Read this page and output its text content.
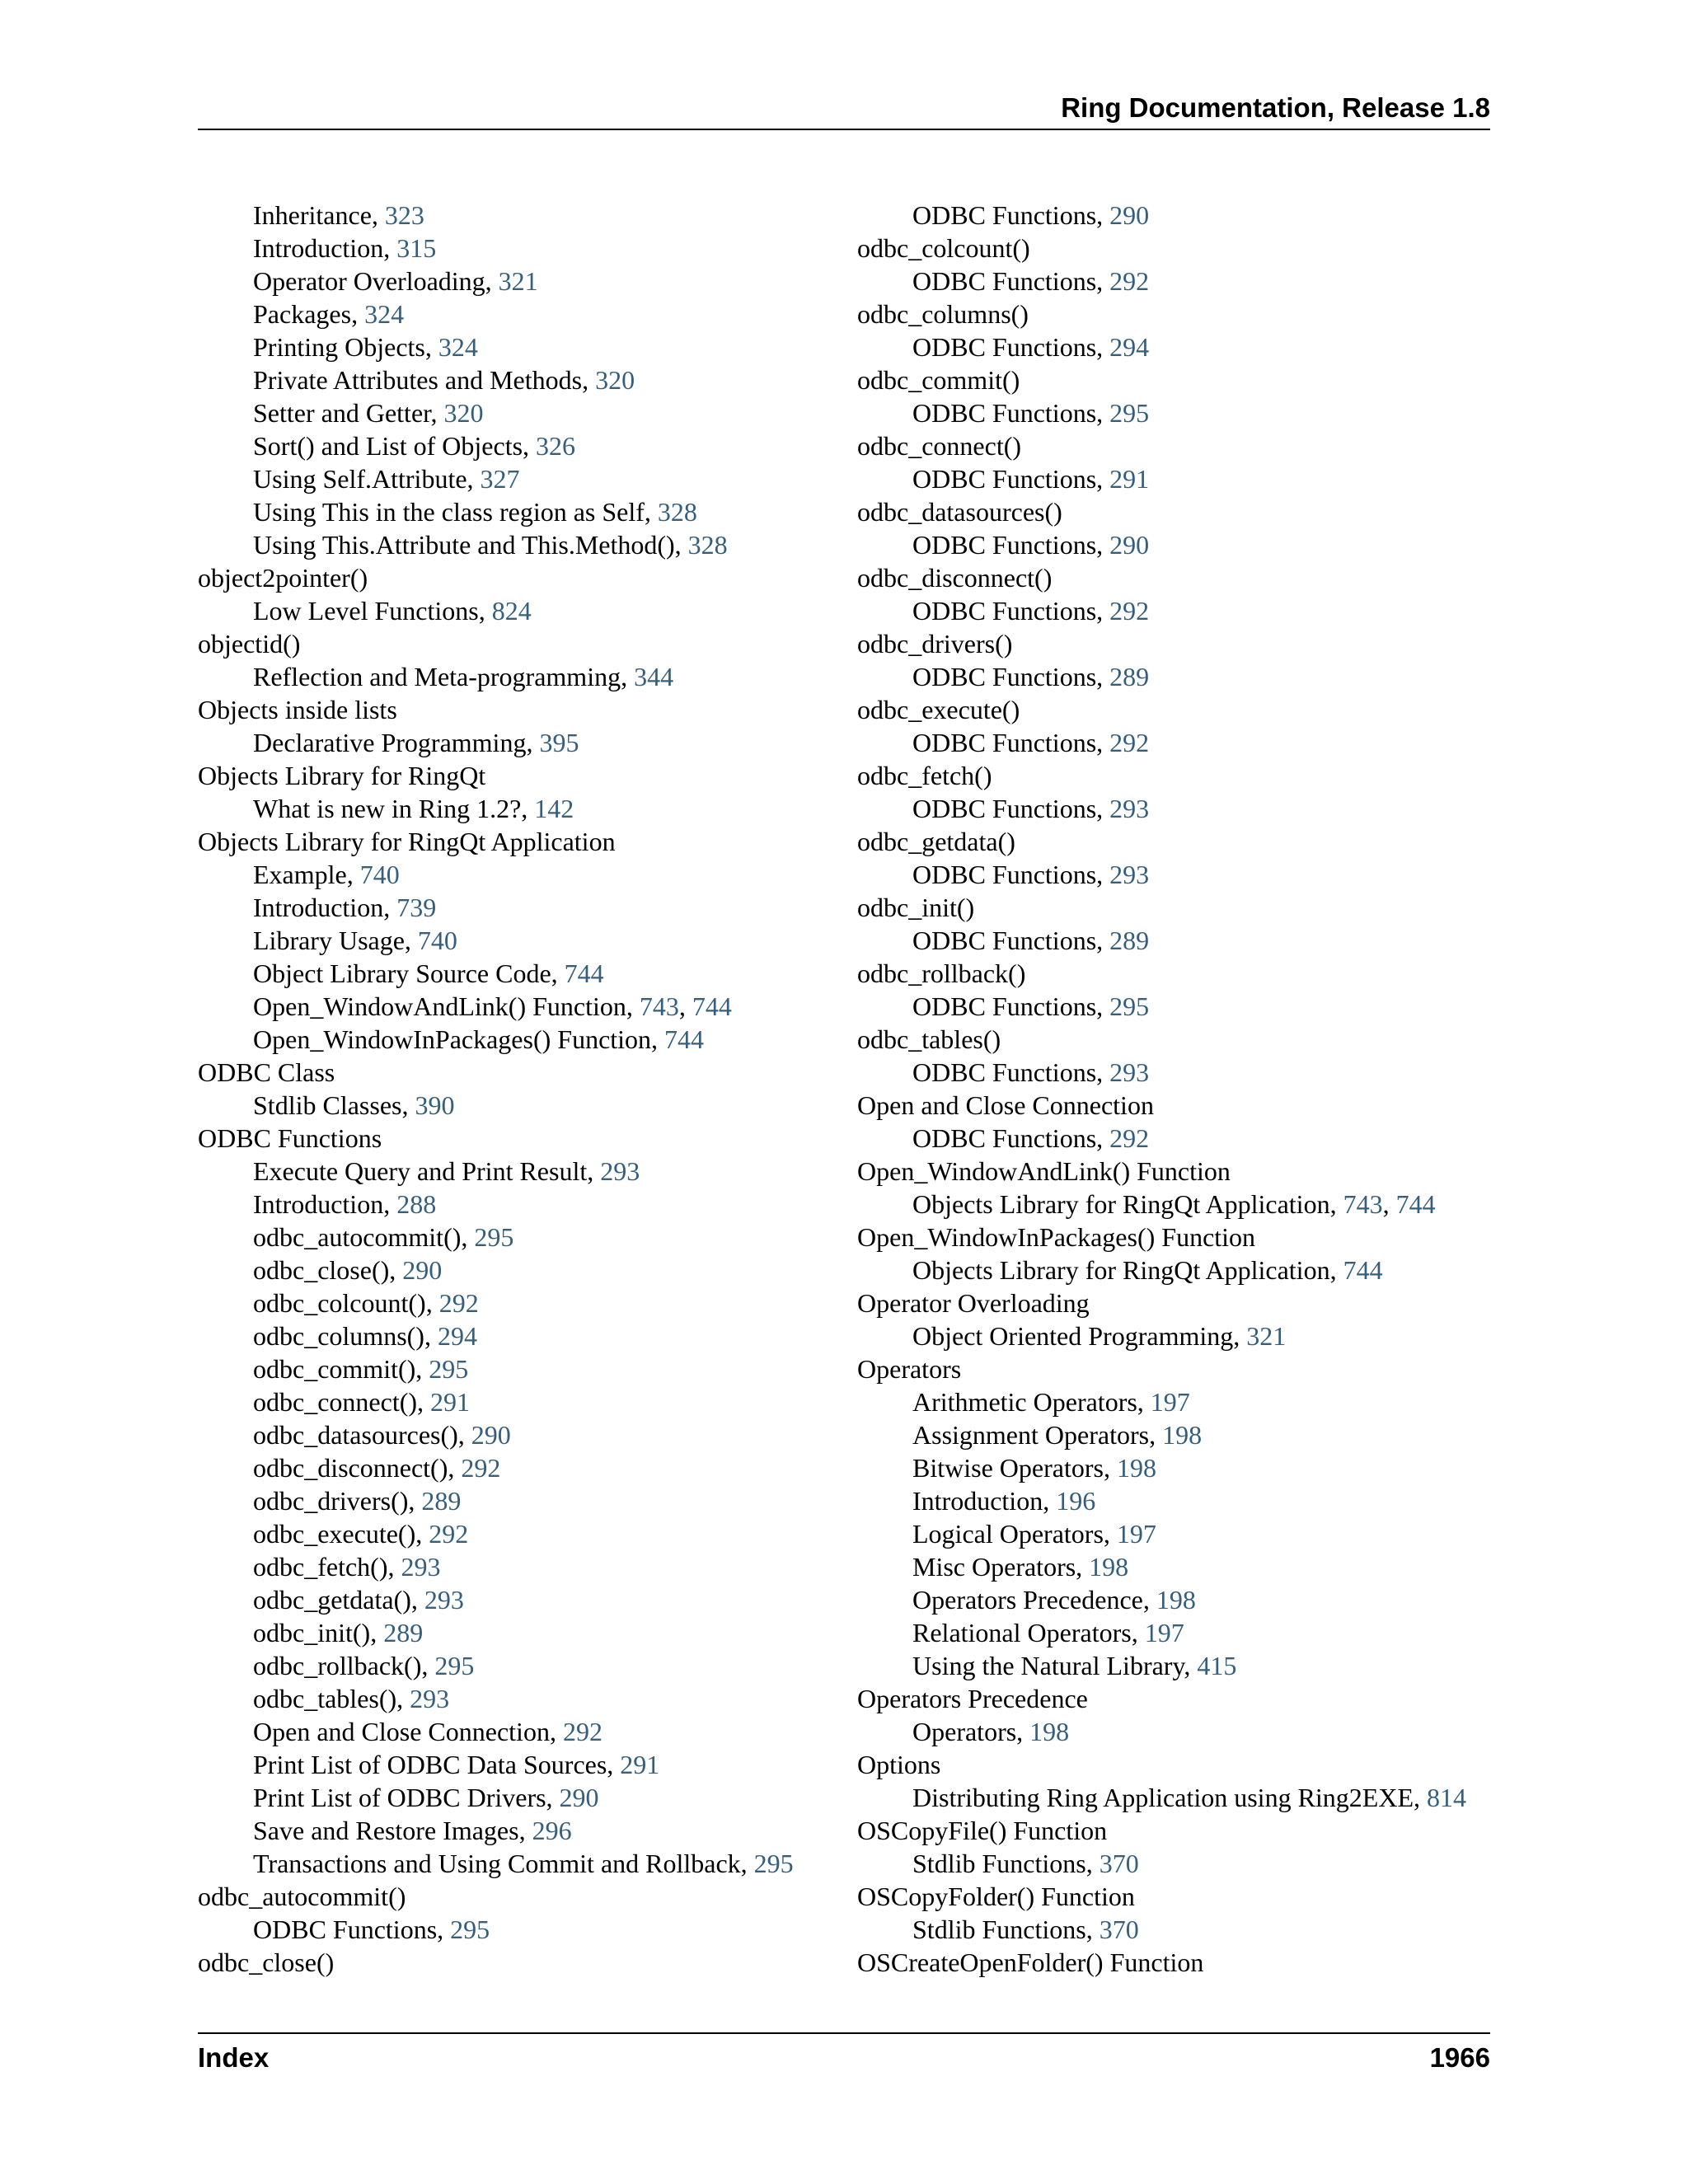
Ring Documentation, Release 1.8
Inheritance, 323
Introduction, 315
Operator Overloading, 321
Packages, 324
Printing Objects, 324
Private Attributes and Methods, 320
Setter and Getter, 320
Sort() and List of Objects, 326
Using Self.Attribute, 327
Using This in the class region as Self, 328
Using This.Attribute and This.Method(), 328
object2pointer()
Low Level Functions, 824
objectid()
Reflection and Meta-programming, 344
Objects inside lists
Declarative Programming, 395
Objects Library for RingQt
What is new in Ring 1.2?, 142
Objects Library for RingQt Application
Example, 740
Introduction, 739
Library Usage, 740
Object Library Source Code, 744
Open_WindowAndLink() Function, 743, 744
Open_WindowInPackages() Function, 744
ODBC Class
Stdlib Classes, 390
ODBC Functions
Execute Query and Print Result, 293
Introduction, 288
odbc_autocommit(), 295
odbc_close(), 290
odbc_colcount(), 292
odbc_columns(), 294
odbc_commit(), 295
odbc_connect(), 291
odbc_datasources(), 290
odbc_disconnect(), 292
odbc_drivers(), 289
odbc_execute(), 292
odbc_fetch(), 293
odbc_getdata(), 293
odbc_init(), 289
odbc_rollback(), 295
odbc_tables(), 293
Open and Close Connection, 292
Print List of ODBC Data Sources, 291
Print List of ODBC Drivers, 290
Save and Restore Images, 296
Transactions and Using Commit and Rollback, 295
odbc_autocommit()
ODBC Functions, 295
odbc_close()
ODBC Functions, 290
odbc_colcount()
ODBC Functions, 292
odbc_columns()
ODBC Functions, 294
odbc_commit()
ODBC Functions, 295
odbc_connect()
ODBC Functions, 291
odbc_datasources()
ODBC Functions, 290
odbc_disconnect()
ODBC Functions, 292
odbc_drivers()
ODBC Functions, 289
odbc_execute()
ODBC Functions, 292
odbc_fetch()
ODBC Functions, 293
odbc_getdata()
ODBC Functions, 293
odbc_init()
ODBC Functions, 289
odbc_rollback()
ODBC Functions, 295
odbc_tables()
ODBC Functions, 293
Open and Close Connection
ODBC Functions, 292
Open_WindowAndLink() Function
Objects Library for RingQt Application, 743, 744
Open_WindowInPackages() Function
Objects Library for RingQt Application, 744
Operator Overloading
Object Oriented Programming, 321
Operators
Arithmetic Operators, 197
Assignment Operators, 198
Bitwise Operators, 198
Introduction, 196
Logical Operators, 197
Misc Operators, 198
Operators Precedence, 198
Relational Operators, 197
Using the Natural Library, 415
Operators Precedence
Operators, 198
Options
Distributing Ring Application using Ring2EXE, 814
OSCopyFile() Function
Stdlib Functions, 370
OSCopyFolder() Function
Stdlib Functions, 370
OSCreateOpenFolder() Function
Index	1966
